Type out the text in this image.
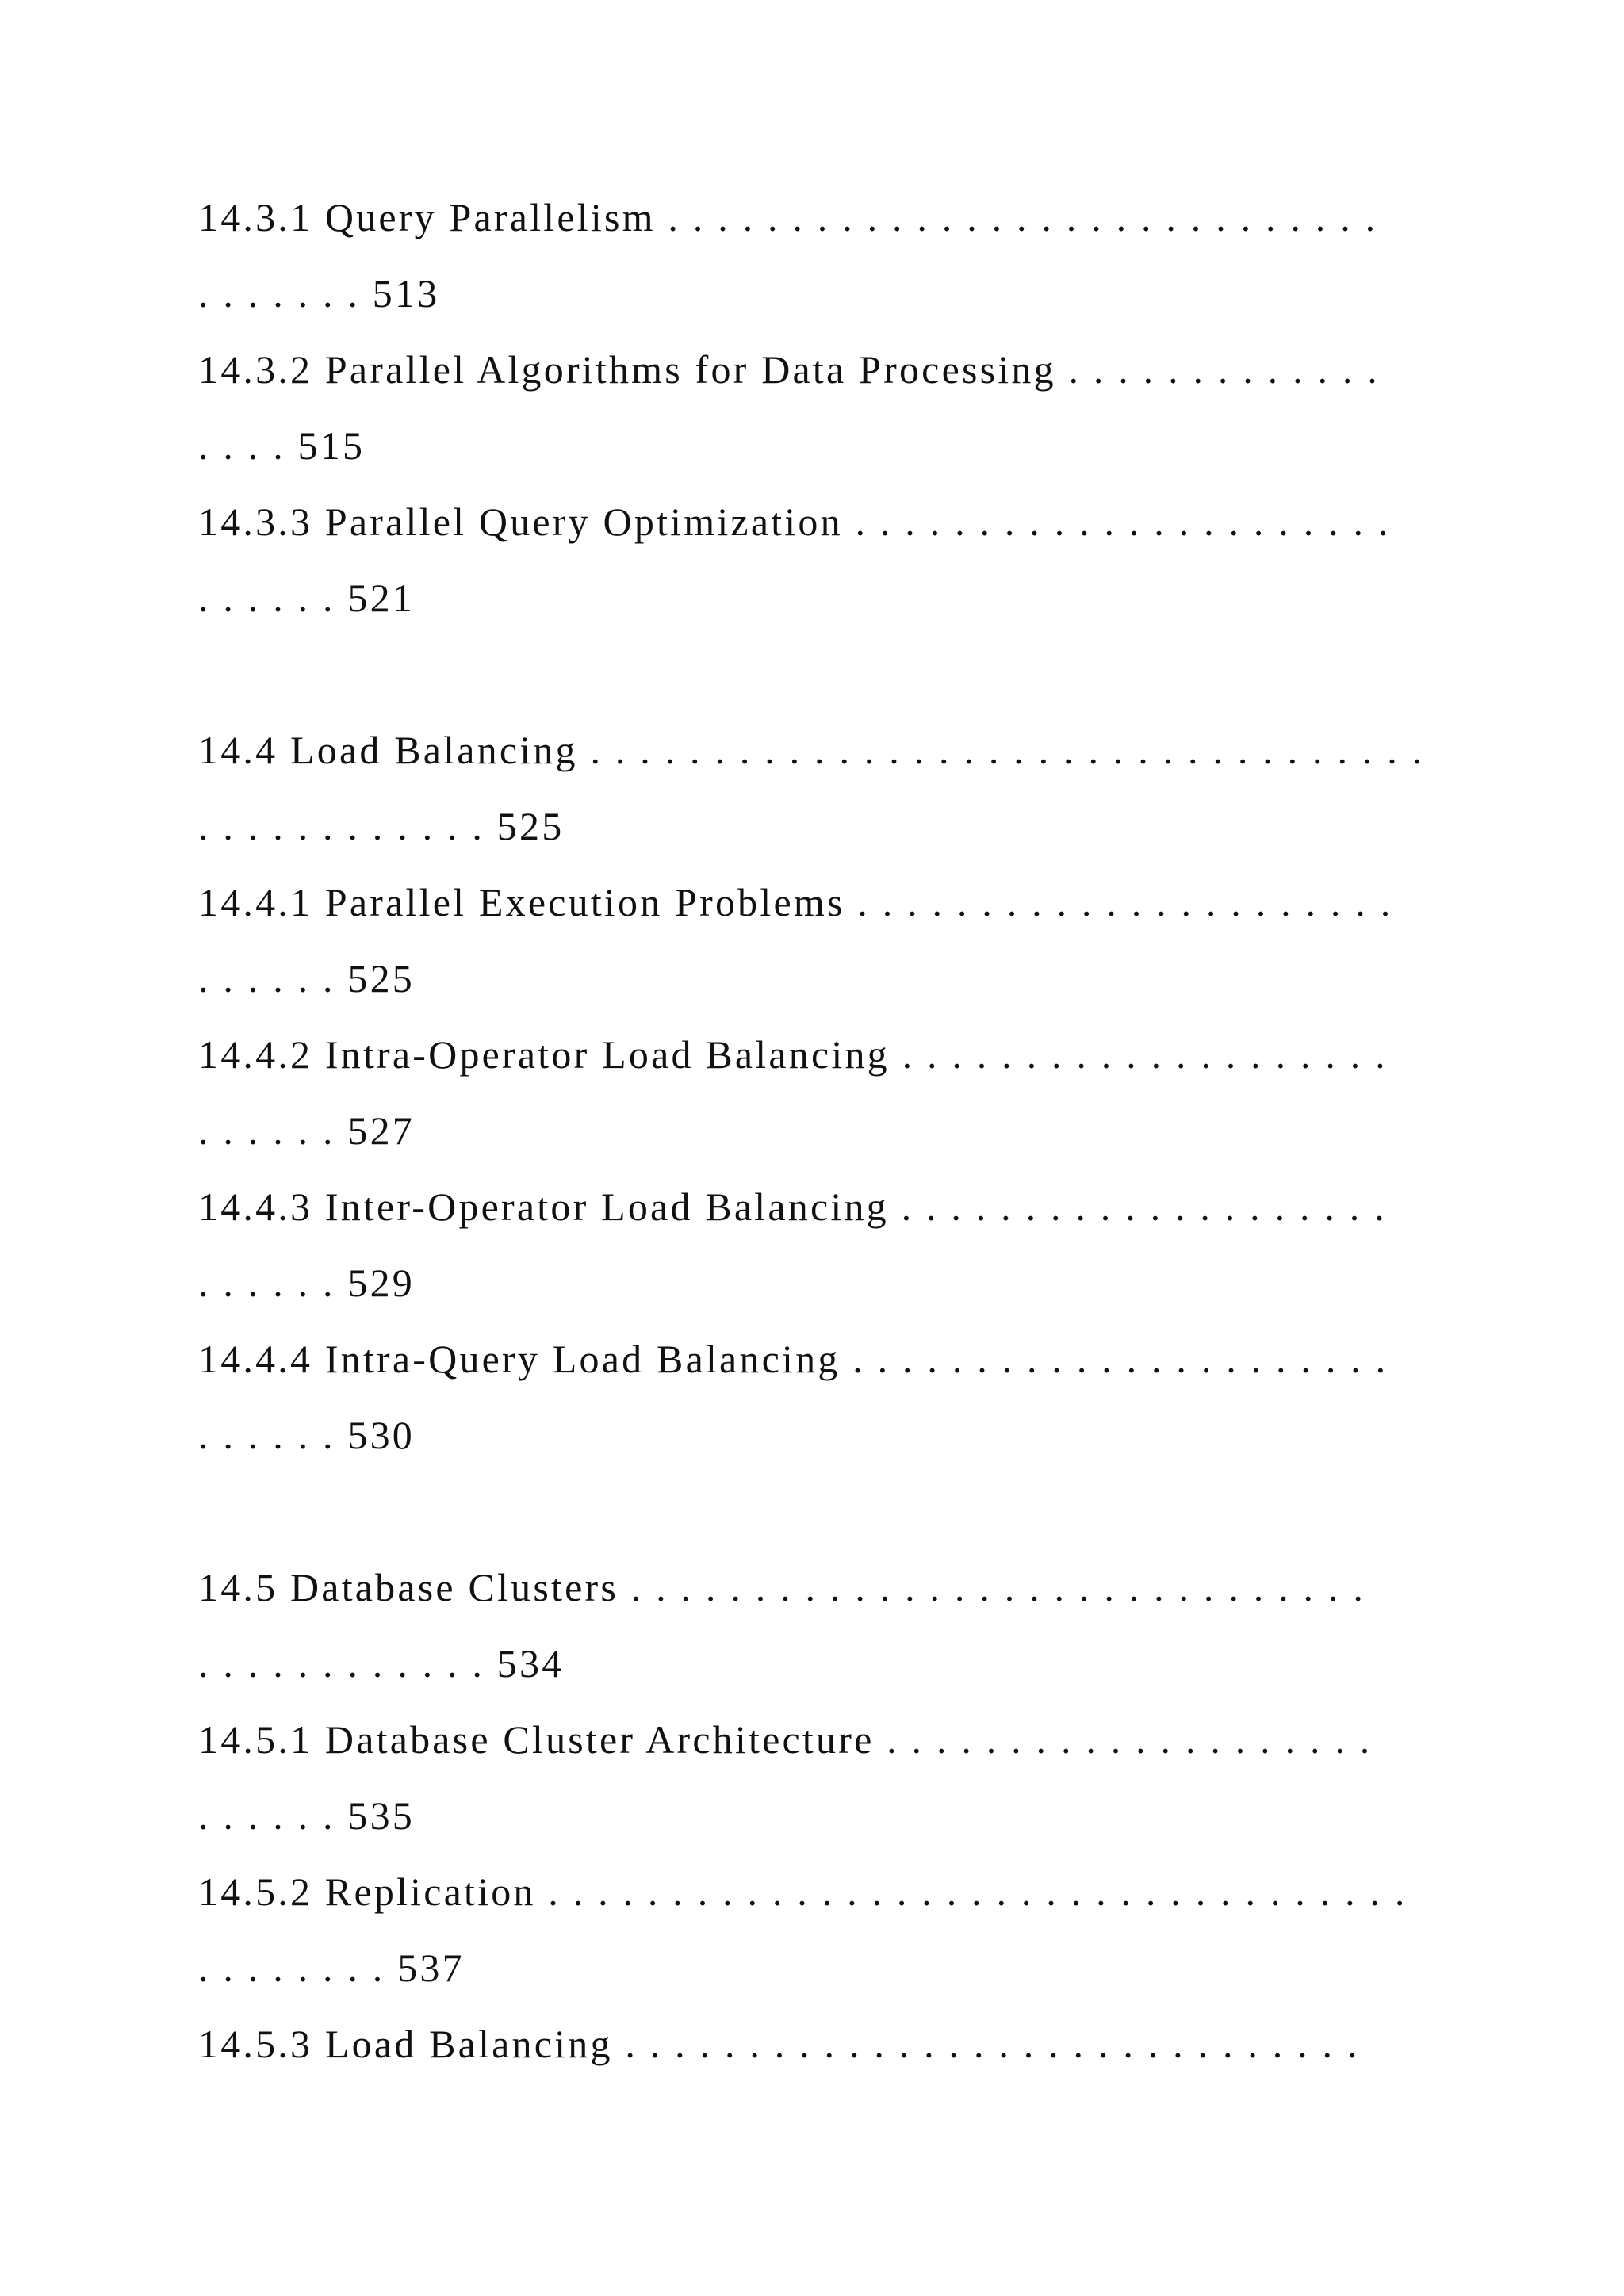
14.3.1 Query Parallelism . . . . . . . . . . . . . . . . . . . . . . . . . . . . .
. . . . . . . 513
14.3.2 Parallel Algorithms for Data Processing . . . . . . . . . . . . .
. . . . 515
14.3.3 Parallel Query Optimization . . . . . . . . . . . . . . . . . . . . . .
. . . . . . 521
14.4 Load Balancing . . . . . . . . . . . . . . . . . . . . . . . . . . . . . . . . . .
. . . . . . . . . . . . 525
14.4.1 Parallel Execution Problems . . . . . . . . . . . . . . . . . . . . . .
. . . . . . 525
14.4.2 Intra-Operator Load Balancing . . . . . . . . . . . . . . . . . . . .
. . . . . . 527
14.4.3 Inter-Operator Load Balancing . . . . . . . . . . . . . . . . . . . .
. . . . . . 529
14.4.4 Intra-Query Load Balancing . . . . . . . . . . . . . . . . . . . . . .
. . . . . . 530
14.5 Database Clusters . . . . . . . . . . . . . . . . . . . . . . . . . . . . . .
. . . . . . . . . . . . 534
14.5.1 Database Cluster Architecture . . . . . . . . . . . . . . . . . . . .
. . . . . . 535
14.5.2 Replication . . . . . . . . . . . . . . . . . . . . . . . . . . . . . . . . . . .
. . . . . . . . 537
14.5.3 Load Balancing . . . . . . . . . . . . . . . . . . . . . . . . . . . . . .
